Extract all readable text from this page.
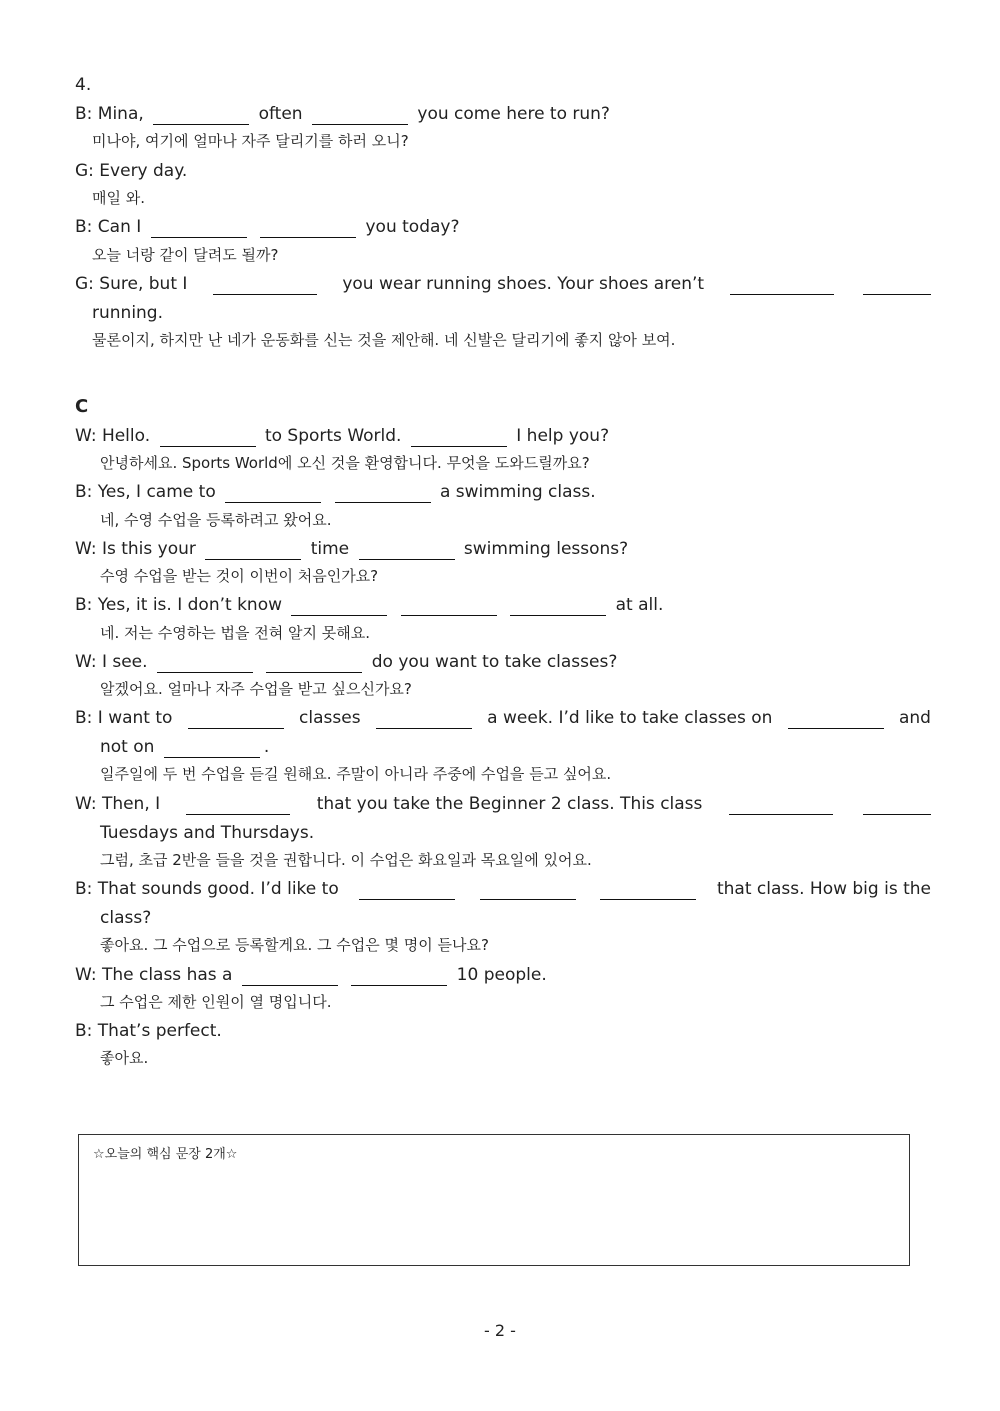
4.
B: Mina,	often	you come here to run?
미나야, 여기에 얼마나 자주 달리기를 하러 오니?
G: Every day.
매일 와.
B: Can I	you today?
오늘 너랑 같이 달려도 될까?
G: Sure, but I	you wear running shoes. Your shoes aren’t
running.
물론이지, 하지만 난 네가 운동화를 신는 것을 제안해. 네 신발은 달리기에 좋지 않아 보여.
C
W: Hello.	to Sports World.	I help you?
안녕하세요. Sports World에 오신 것을 환영합니다. 무엇을 도와드릴까요?
B: Yes, I came to	a swimming class.
네, 수영 수업을 등록하려고 왔어요.
W: Is this your	time	swimming lessons?
수영 수업을 받는 것이 이번이 처음인가요?
B: Yes, it is. I don’t know	at all.
네. 저는 수영하는 법을 전혀 알지 못해요.
W: I see.	do you want to take classes?
알겠어요. 얼마나 자주 수업을 받고 싶으신가요?
B: I want to	classes	a week. I’d like to take classes on	and
not on	.
일주일에 두 번 수업을 듣길 원해요. 주말이 아니라 주중에 수업을 듣고 싶어요.
W: Then, I	that you take the Beginner 2 class. This class
Tuesdays and Thursdays.
그럼, 초급 2반을 들을 것을 권합니다. 이 수업은 화요일과 목요일에 있어요.
B: That sounds good. I’d like to	that class. How big is the
class?
좋아요. 그 수업으로 등록할게요. 그 수업은 몇 명이 듣나요?
W: The class has a	10 people.
그 수업은 제한 인원이 열 명입니다.
B: That’s perfect.
좋아요.
☆오늘의 핵심 문장 2개☆
- 2 -
